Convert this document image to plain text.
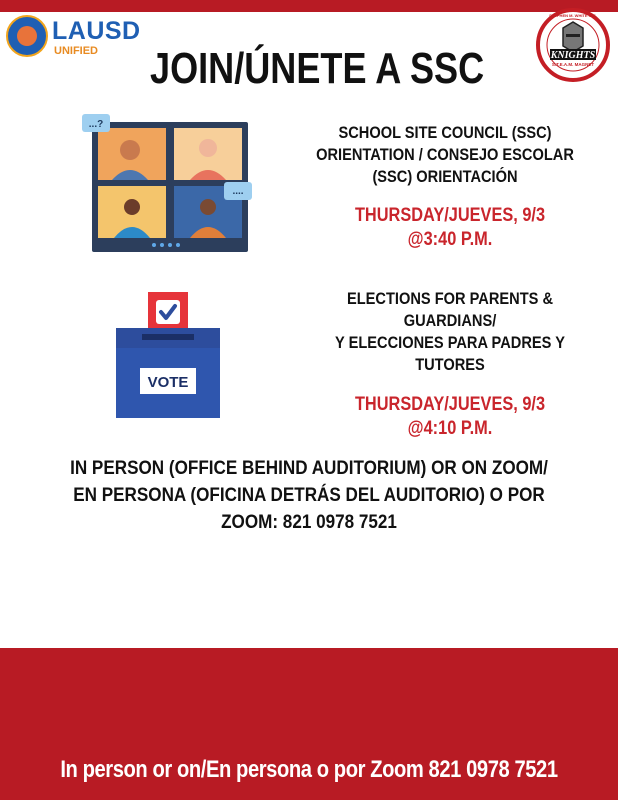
LAUSD
UNIFIED JOIN/ÚNETE A SSC	KNIGHTS
S.T.E.A.M. MAGNET
STEPHEN M. WHITE M.S.
...?
....
VOTE
SCHOOL SITE COUNCIL (SSC)
ORIENTATION / CONSEJO ESCOLAR
(SSC) ORIENTACIÓN
THURSDAY/JUEVES, 9/3
@3:40 P.M.
ELECTIONS FOR PARENTS &
GUARDIANS/
Y ELECCIONES PARA PADRES Y
TUTORES
THURSDAY/JUEVES, 9/3
@4:10 P.M.
IN PERSON (OFFICE BEHIND AUDITORIUM) OR ON ZOOM/
EN PERSONA (OFICINA DETRÁS DEL AUDITORIO) O POR
ZOOM: 821 0978 7521
In person or on/En persona o por Zoom 821 0978 7521
